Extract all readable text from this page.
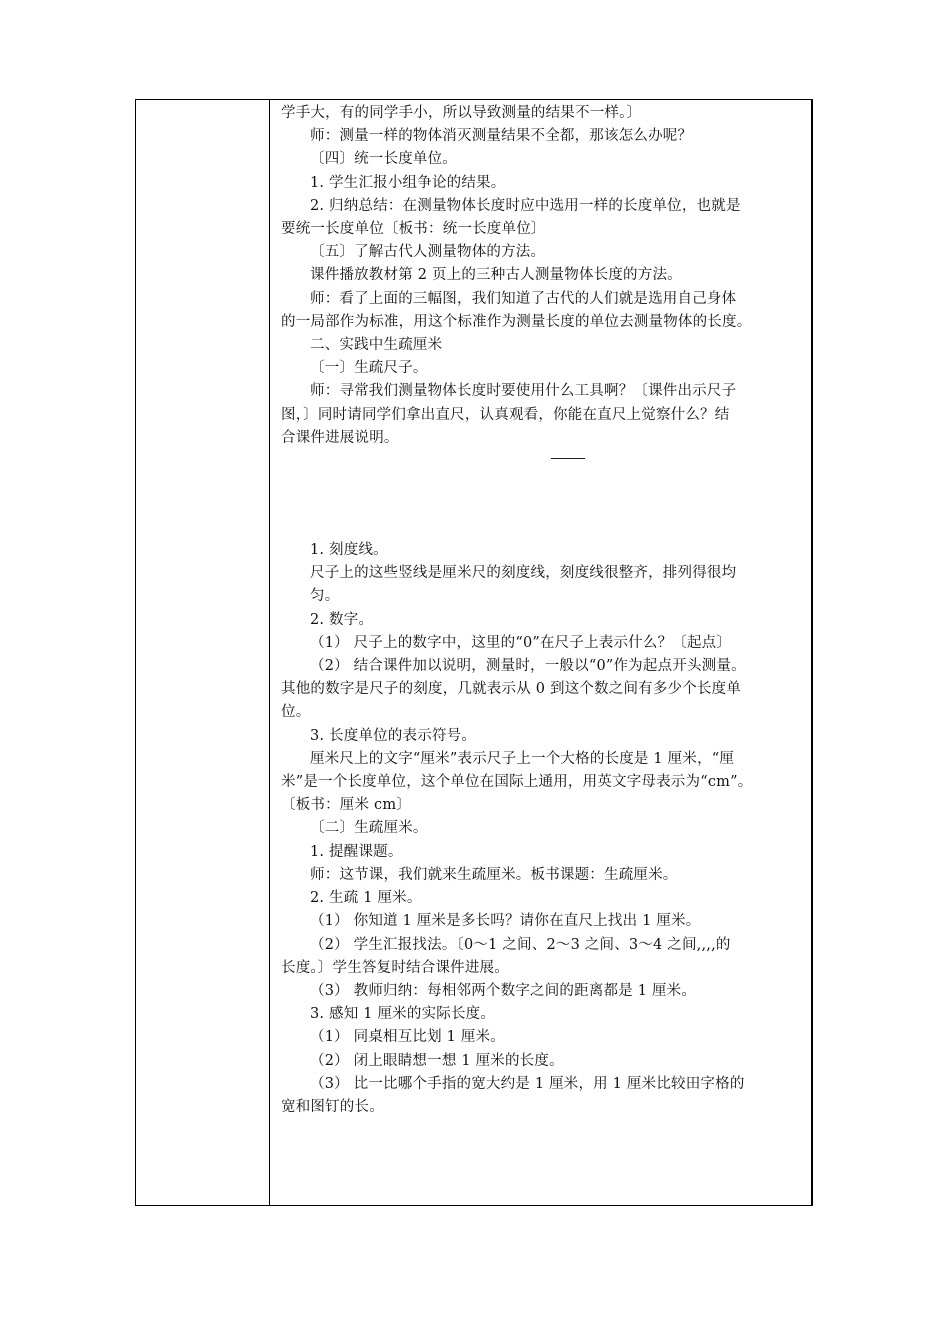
学手大，有的同学手小，所以导致测量的结果不一样。〕
师：测量一样的物体消灭测量结果不全都，那该怎么办呢？
〔四〕统一长度单位。
1. 学生汇报小组争论的结果。
2. 归纳总结：在测量物体长度时应中选用一样的长度单位，也就是
要统一长度单位〔板书：统一长度单位〕
〔五〕了解古代人测量物体的方法。
课件播放教材第 2 页上的三种古人测量物体长度的方法。
师：看了上面的三幅图，我们知道了古代的人们就是选用自己身体
的一局部作为标准，用这个标准作为测量长度的单位去测量物体的长度。
二、实践中生疏厘米
〔一〕生疏尺子。
师：寻常我们测量物体长度时要使用什么工具啊？〔课件出示尺子
图，〕同时请同学们拿出直尺，认真观看，你能在直尺上觉察什么？结
合课件进展说明。
1. 刻度线。
尺子上的这些竖线是厘米尺的刻度线，刻度线很整齐，排列得很均
匀。
2. 数字。
（1） 尺子上的数字中，这里的“0”在尺子上表示什么？〔起点〕
（2） 结合课件加以说明，测量时，一般以“0”作为起点开头测量。
其他的数字是尺子的刻度，几就表示从 0 到这个数之间有多少个长度单
位。
3. 长度单位的表示符号。
厘米尺上的文字“厘米”表示尺子上一个大格的长度是 1 厘米，“厘
米”是一个长度单位，这个单位在国际上通用，用英文字母表示为“cm”。
〔板书：厘米 cm〕
〔二〕生疏厘米。
1. 提醒课题。
师：这节课，我们就来生疏厘米。板书课题：生疏厘米。
2. 生疏 1 厘米。
（1） 你知道 1 厘米是多长吗？请你在直尺上找出 1 厘米。
（2） 学生汇报找法。〔0～1 之间、2～3 之间、3～4 之间,,,,的
长度。〕学生答复时结合课件进展。
（3） 教师归纳：每相邻两个数字之间的距离都是 1 厘米。
3. 感知 1 厘米的实际长度。
（1） 同桌相互比划 1 厘米。
（2） 闭上眼睛想一想 1 厘米的长度。
（3） 比一比哪个手指的宽大约是 1 厘米，用 1 厘米比较田字格的
宽和图钉的长。
